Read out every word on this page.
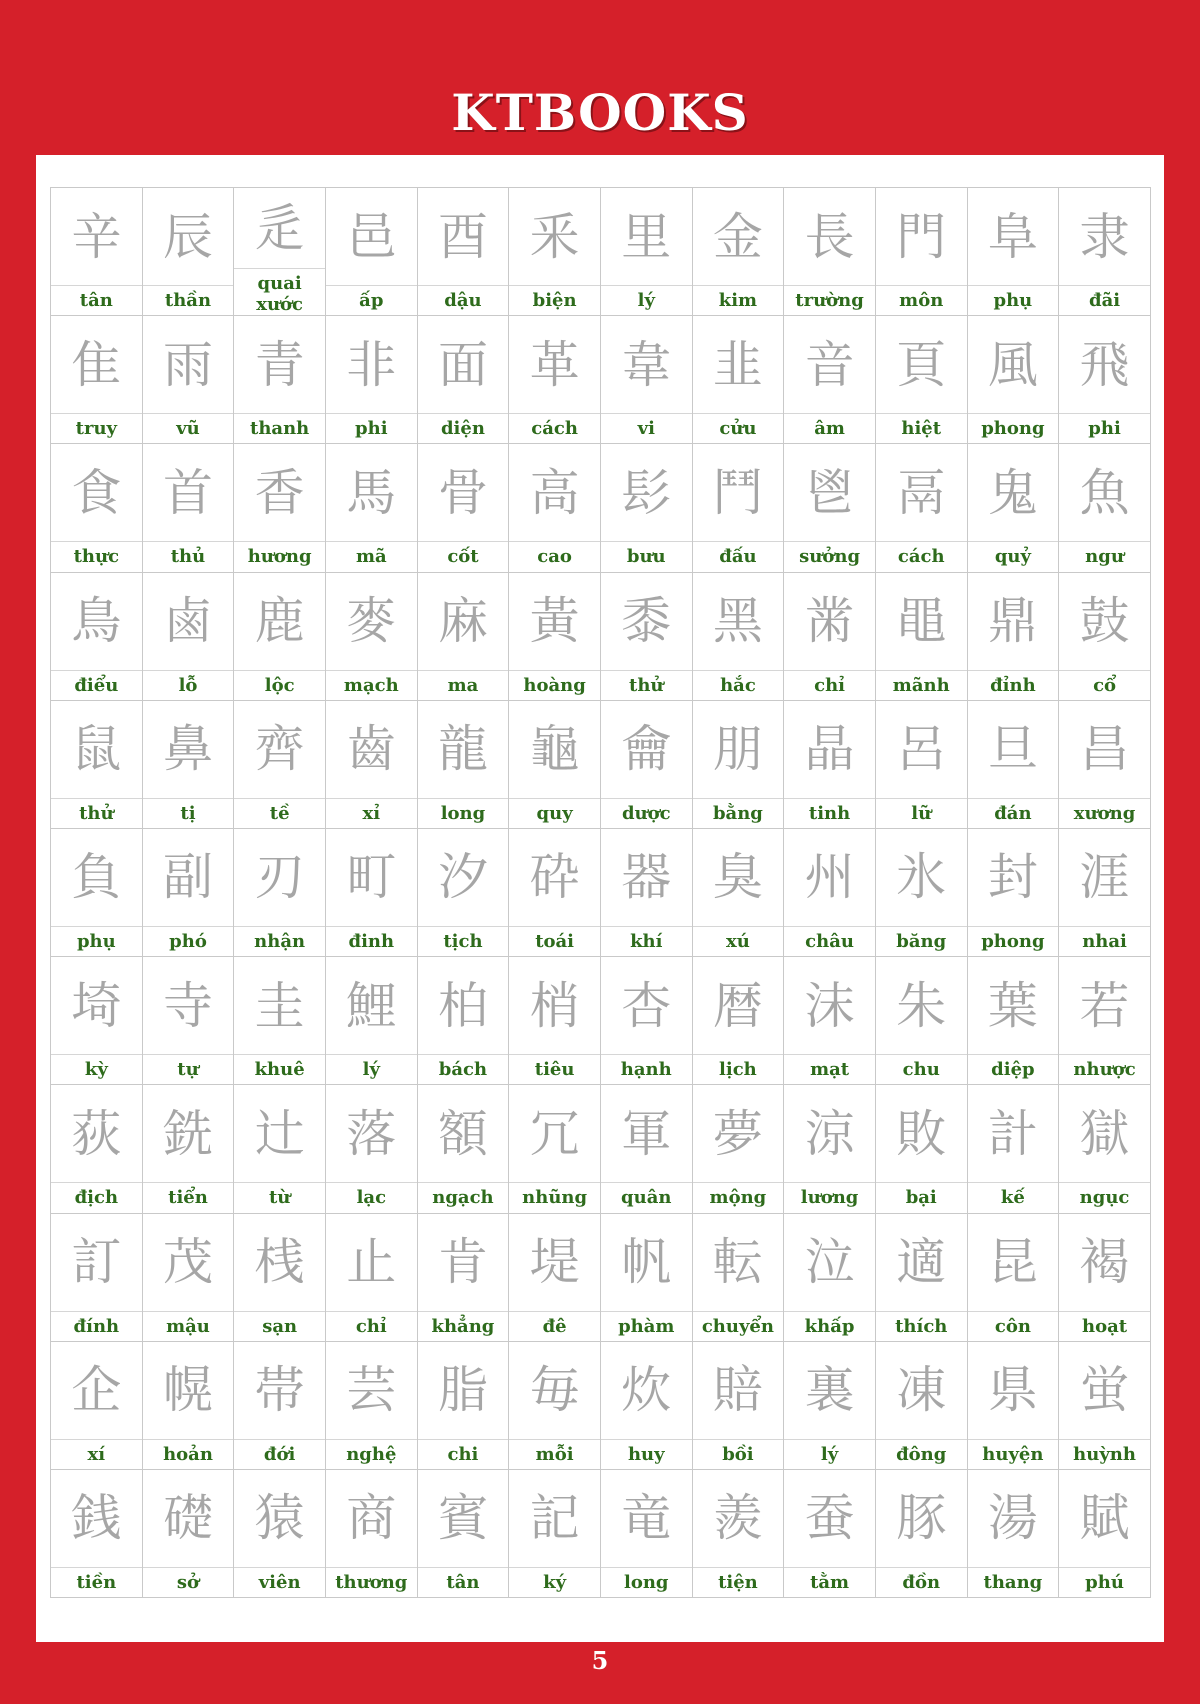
KTBOOKS
辛
tân
辰
thần
辵
quai xước
邑
ấp
酉
dậu
釆
biện
里
lý
金
kim
長
trường
門
môn
阜
phụ
隶
đãi
隹
truy
雨
vũ
青
thanh
非
phi
面
diện
革
cách
韋
vi
韭
cửu
音
âm
頁
hiệt
風
phong
飛
phi
食
thực
首
thủ
香
hương
馬
mã
骨
cốt
高
cao
髟
bưu
鬥
đấu
鬯
sưởng
鬲
cách
鬼
quỷ
魚
ngư
鳥
điểu
鹵
lỗ
鹿
lộc
麥
mạch
麻
ma
黃
hoàng
黍
thử
黑
hắc
黹
chỉ
黽
mãnh
鼎
đỉnh
鼓
cổ
鼠
thử
鼻
tị
齊
tề
齒
xỉ
龍
long
龜
quy
龠
dược
朋
bằng
晶
tinh
呂
lữ
旦
đán
昌
xương
負
phụ
副
phó
刃
nhận
町
đinh
汐
tịch
砕
toái
器
khí
臭
xú
州
châu
氷
băng
封
phong
涯
nhai
埼
kỳ
寺
tự
圭
khuê
鯉
lý
柏
bách
梢
tiêu
杏
hạnh
暦
lịch
沫
mạt
朱
chu
葉
diệp
若
nhược
荻
địch
銑
tiển
辻
từ
落
lạc
額
ngạch
冗
nhũng
軍
quân
夢
mộng
涼
lương
敗
bại
計
kế
獄
ngục
訂
đính
茂
mậu
桟
sạn
止
chỉ
肯
khẳng
堤
đê
帆
phàm
転
chuyển
泣
khấp
適
thích
昆
côn
褐
hoạt
企
xí
幌
hoản
帯
đới
芸
nghệ
脂
chi
毎
mỗi
炊
huy
賠
bồi
裏
lý
凍
đông
県
huyện
蛍
huỳnh
銭
tiền
礎
sở
猿
viên
商
thương
賓
tân
記
ký
竜
long
羨
tiện
蚕
tằm
豚
đồn
湯
thang
賦
phú
5
